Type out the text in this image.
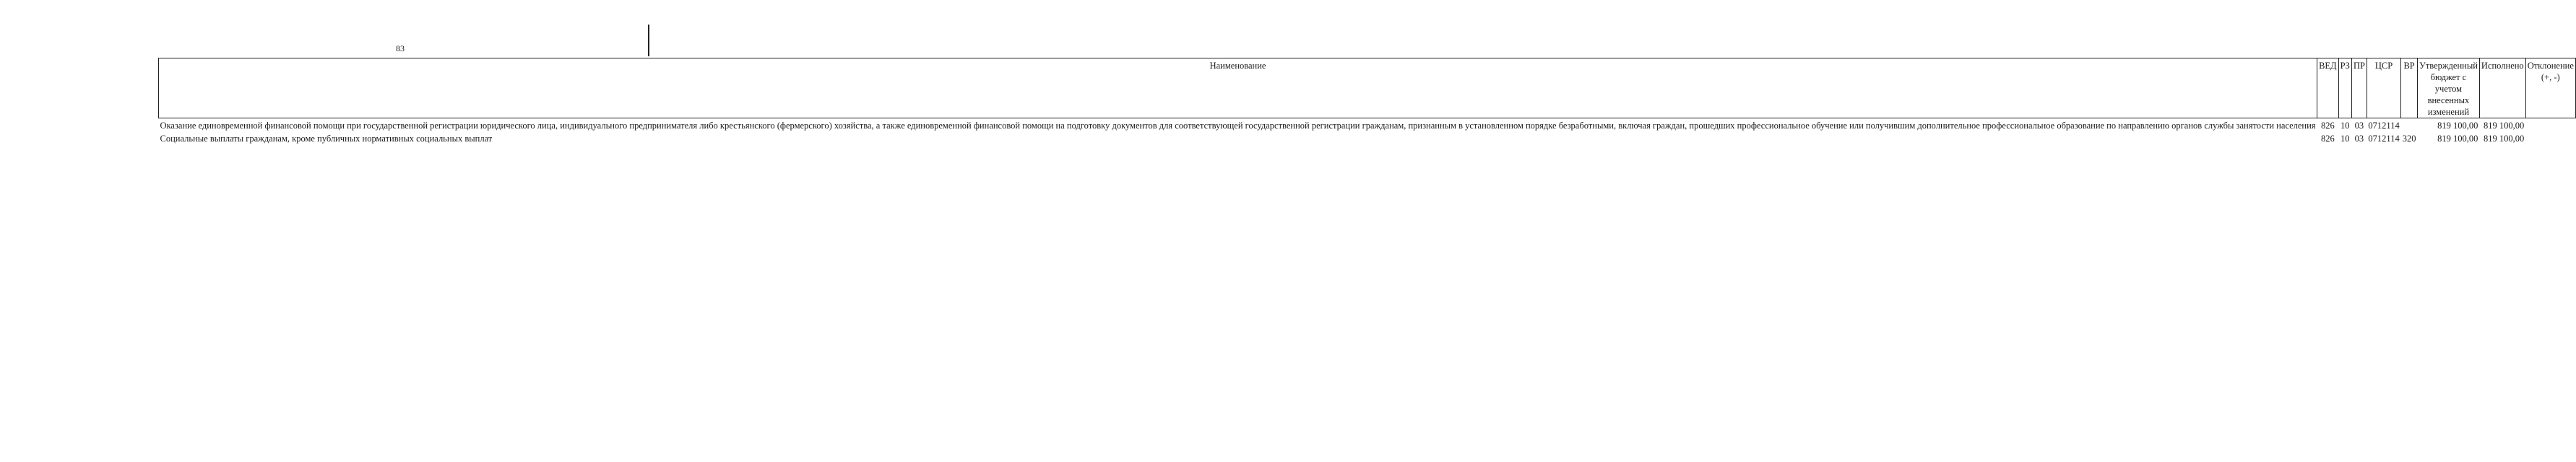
83
Наименование	ВЕД	РЗ	ПР	ЦСР	ВР	Утвержденный бюджет с учетом внесенных изменений	Исполнено	Отклонение (+, -)
Оказание единовременной финансовой помощи при государственной регистрации юридического лица, индивидуального предпринимателя либо крестьянского (фермерского) хозяйства, а также единовременной финансовой помощи на подготовку документов для соответствующей государственной регистрации гражданам, признанным в установленном порядке безработными, включая граждан, прошедших профессиональное обучение или получившим дополнительное профессиональное образование по направлению органов службы занятости населения	826	10	03	0712114		819 100,00	819 100,00	
Социальные выплаты гражданам, кроме публичных нормативных социальных выплат	826	10	03	0712114	320	819 100,00	819 100,00	
